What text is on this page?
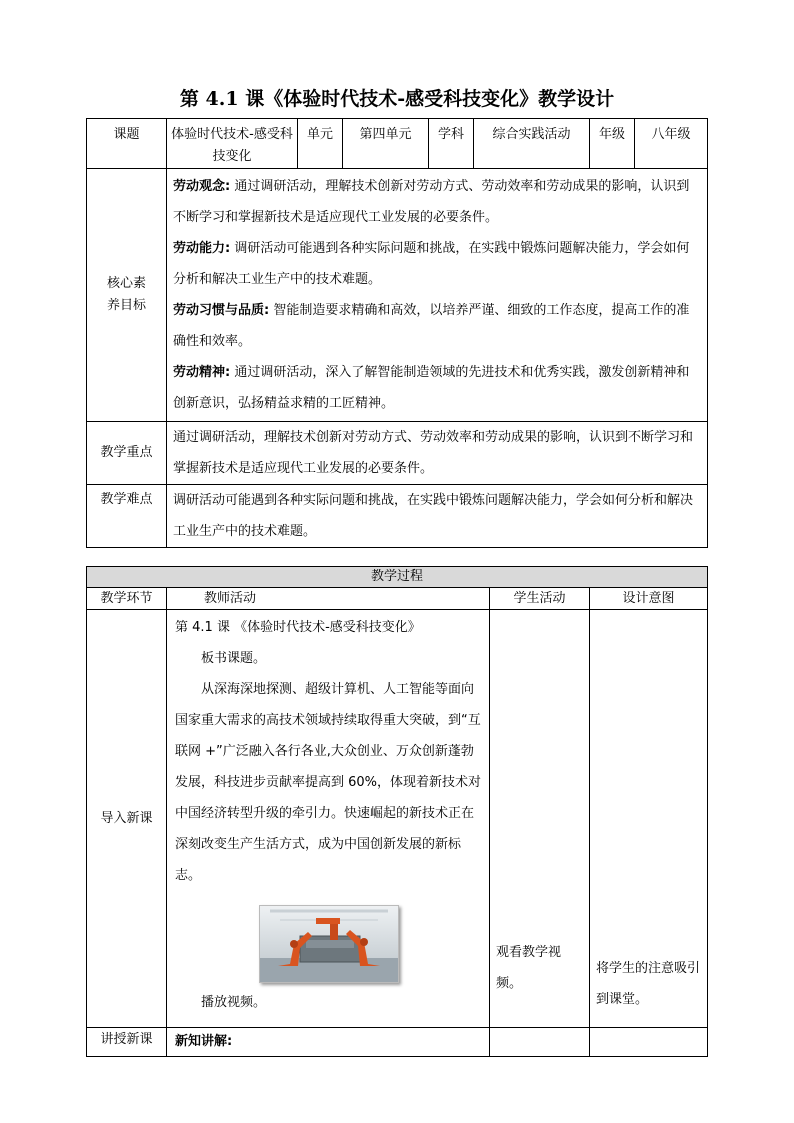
第 4.1 课《体验时代技术-感受科技变化》教学设计
课题	体验时代技术-感受科技变化	单元	第四单元	学科	综合实践活动	年级	八年级
核心素养目标	劳动观念: 通过调研活动，理解技术创新对劳动方式、劳动效率和劳动成果的影响，认识到不断学习和掌握新技术是适应现代工业发展的必要条件。
劳动能力: 调研活动可能遇到各种实际问题和挑战，在实践中锻炼问题解决能力，学会如何分析和解决工业生产中的技术难题。
劳动习惯与品质: 智能制造要求精确和高效，以培养严谨、细致的工作态度，提高工作的准确性和效率。
劳动精神: 通过调研活动，深入了解智能制造领域的先进技术和优秀实践，激发创新精神和创新意识，弘扬精益求精的工匠精神。						

教学重点	通过调研活动，理解技术创新对劳动方式、劳动效率和劳动成果的影响，认识到不断学习和掌握新技术是适应现代工业发展的必要条件。						
教学难点	调研活动可能遇到各种实际问题和挑战，在实践中锻炼问题解决能力，学会如何分析和解决工业生产中的技术难题。						
教学过程			
教学环节	教师活动	学生活动	设计意图
导入新课	第 4.1 课 《体验时代技术-感受科技变化》
板书课题。
从深海深地探测、超级计算机、人工智能等面向国家重大需求的高技术领域持续取得重大突破，到“互联网 +”广泛融入各行各业,大众创业、万众创新蓬勃发展，科技进步贡献率提高到 60%，体现着新技术对中国经济转型升级的牵引力。快速崛起的新技术正在深刻改变生产生活方式，成为中国创新发展的新标志。
播放视频。	观看教学视频。	将学生的注意吸引到课堂。
讲授新课	新知讲解:		
